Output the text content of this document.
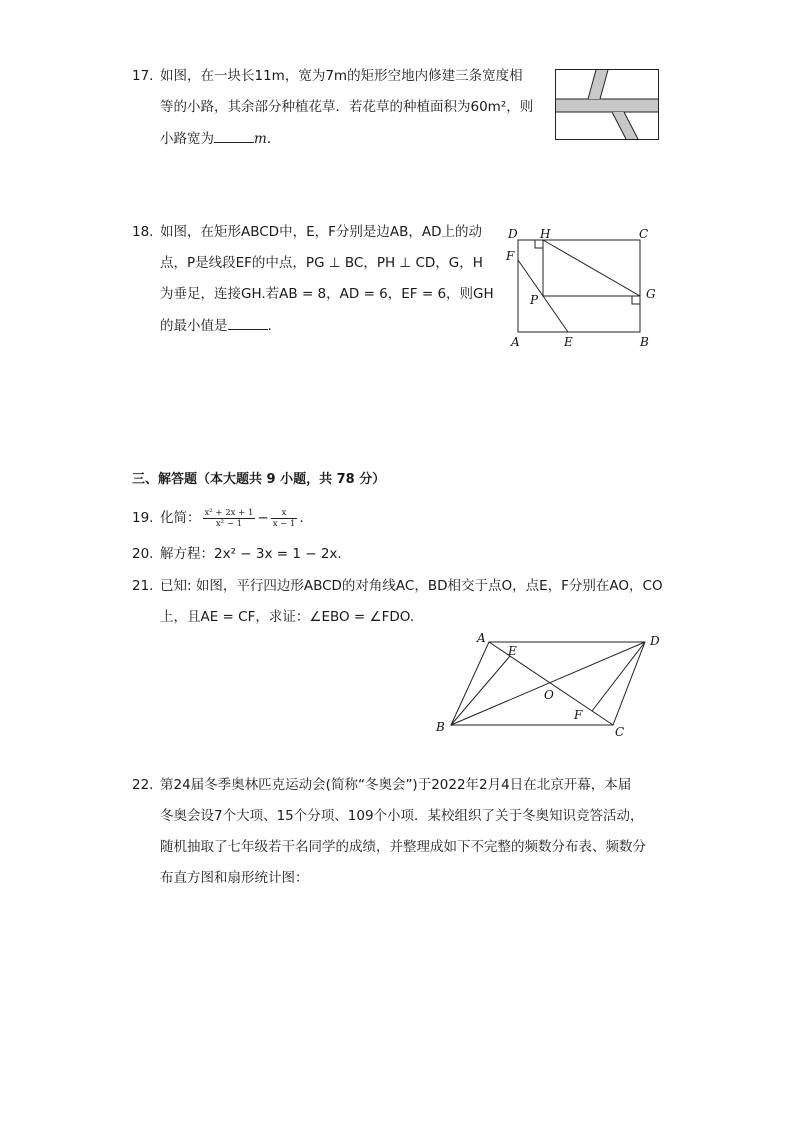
17. 如图，在一块长11m，宽为7m的矩形空地内修建三条宽度相
等的小路，其余部分种植花草．若花草的种植面积为60m²，则
小路宽为	m.
18. 如图，在矩形ABCD中，E，F分别是边AB，AD上的动
点，P是线段EF的中点，PG ⊥ BC，PH ⊥ CD，G，H
为垂足，连接GH.若AB = 8，AD = 6，EF = 6，则GH
的最小值是	.
D H	C
F
P	G
A	E	B
三、解答题（本大题共 9 小题，共 78 分）
19. 化简： $\frac{\text{x² + 2x + 1}}{\text{x² − 1}} - \frac{x}{x - 1}$ .
20. 解方程：2x² − 3x = 1 − 2x.
21. 已知: 如图，平行四边形ABCD的对角线AC，BD相交于点O，点E，F分别在AO，CO
上，且AE = CF，求证：∠EBO = ∠FDO.
A
E
D
O
F
B	C
22. 第24届冬季奥林匹克运动会(简称“冬奥会”)于2022年2月4日在北京开幕，本届
冬奥会设7个大项、15个分项、109个小项．某校组织了关于冬奥知识竞答活动，
随机抽取了七年级若干名同学的成绩，并整理成如下不完整的频数分布表、频数分
布直方图和扇形统计图：
